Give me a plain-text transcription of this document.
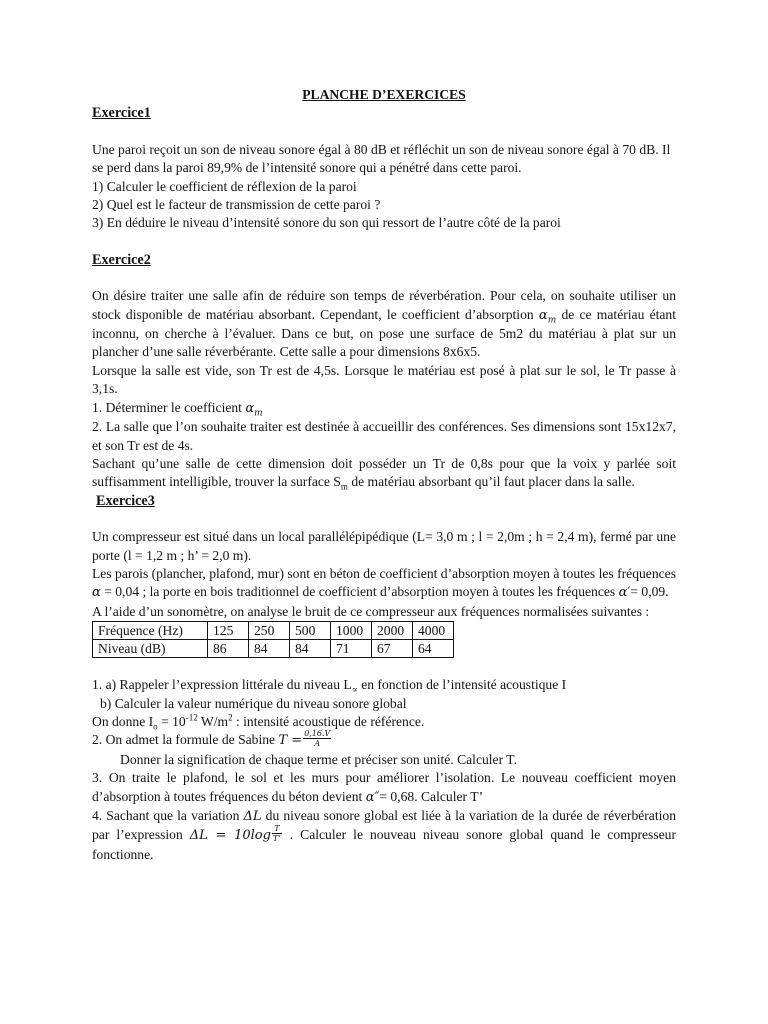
PLANCHE D’EXERCICES

Exercice1

Une paroi reçoit un son de niveau sonore égal à 80 dB et réfléchit un son de niveau sonore égal à 70 dB. Il se perd dans la paroi 89,9% de l’intensité sonore qui a pénétré dans cette paroi.

1) Calculer le coefficient de réflexion de la paroi

2) Quel est le facteur de transmission de cette paroi ?

3) En déduire le niveau d’intensité sonore du son qui ressort de l’autre côté de la paroi

Exercice2

On désire traiter une salle afin de réduire son temps de réverbération. Pour cela, on souhaite utiliser un stock disponible de matériau absorbant. Cependant, le coefficient d’absorption $\alpha_m$ de ce matériau étant inconnu, on cherche à l’évaluer. Dans ce but, on pose une surface de 5m2 du matériau à plat sur un plancher d’une salle réverbérante. Cette salle a pour dimensions 8x6x5.

Lorsque la salle est vide, son Tr est de 4,5s. Lorsque le matériau est posé à plat sur le sol, le Tr passe à 3,1s.

1. Déterminer le coefficient $\alpha_m$

2. La salle que l’on souhaite traiter est destinée à accueillir des conférences. Ses dimensions sont 15x12x7, et son Tr est de 4s.

Sachant qu’une salle de cette dimension doit posséder un Tr de 0,8s pour que la voix y parlée soit suffisamment intelligible, trouver la surface $S_m$ de matériau absorbant qu’il faut placer dans la salle.

Exercice3

Un compresseur est situé dans un local parallélépipédique (L= 3,0 m ; l = 2,0m ; h = 2,4 m), fermé par une porte (l = 1,2 m ; h’ = 2,0 m).

Les parois (plancher, plafond, mur) sont en béton de coefficient d’absorption moyen à toutes les fréquences α = 0,04 ; la porte en bois traditionnel de coefficient d’absorption moyen à toutes les fréquences α′= 0,09.

A l’aide d’un sonomètre, on analyse le bruit de ce compresseur aux fréquences normalisées suivantes :

Fréquence (Hz)	125	250	500	1000	2000	4000
Niveau (dB)	86	84	84	71	67	64

1. a) Rappeler l’expression littérale du niveau $L_\propto$ en fonction de l’intensité acoustique I

b) Calculer la valeur numérique du niveau sonore global

On donne $I_o = 10^{-12}$ $W/m^2$ : intensité acoustique de référence.

2. On admet la formule de Sabine $T = \frac{0,16.V}{A}$

Donner la signification de chaque terme et préciser son unité. Calculer T.

3. On traite le plafond, le sol et les murs pour améliorer l’isolation. Le nouveau coefficient moyen d’absorption à toutes fréquences du béton devient α″= 0,68. Calculer T’

4. Sachant que la variation ΔL du niveau sonore global est liée à la variation de la durée de réverbération par l’expression $\Delta L = 10\log \frac{T}{T’}$ . Calculer le nouveau niveau sonore global quand le compresseur fonctionne.
